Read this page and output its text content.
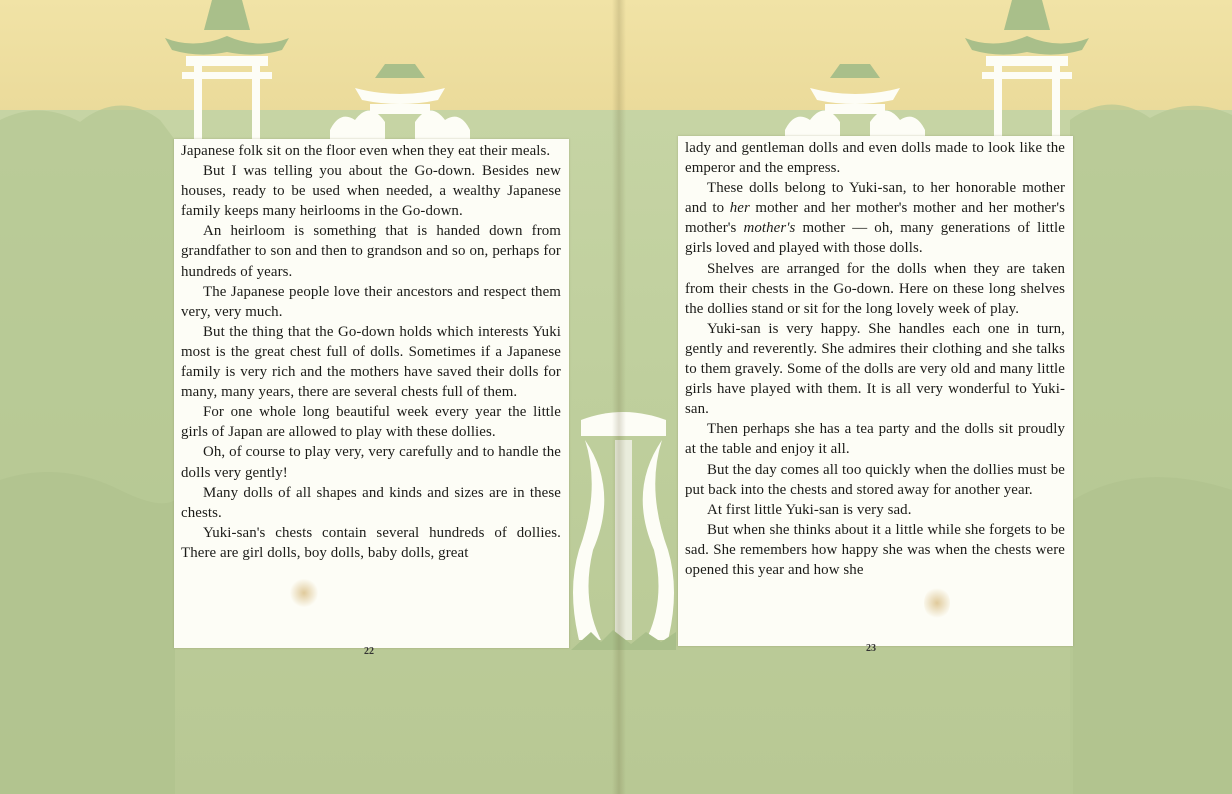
Japanese folk sit on the floor even when they eat their meals.

But I was telling you about the Go-down. Besides new houses, ready to be used when needed, a wealthy Japanese family keeps many heirlooms in the Go-down.

An heirloom is something that is handed down from grandfather to son and then to grandson and so on, perhaps for hundreds of years.

The Japanese people love their ancestors and respect them very, very much.

But the thing that the Go-down holds which interests Yuki most is the great chest full of dolls. Sometimes if a Japanese family is very rich and the mothers have saved their dolls for many, many years, there are several chests full of them.

For one whole long beautiful week every year the little girls of Japan are allowed to play with these dollies.

Oh, of course to play very, very carefully and to handle the dolls very gently!

Many dolls of all shapes and kinds and sizes are in these chests.

Yuki-san's chests contain several hundreds of dollies. There are girl dolls, boy dolls, baby dolls, great

lady and gentleman dolls and even dolls made to look like the emperor and the empress.

These dolls belong to Yuki-san, to her honorable mother and to her mother and her mother's mother and her mother's mother's mother's mother — oh, many generations of little girls loved and played with those dolls.

Shelves are arranged for the dolls when they are taken from their chests in the Go-down. Here on these long shelves the dollies stand or sit for the long lovely week of play.

Yuki-san is very happy. She handles each one in turn, gently and reverently. She admires their clothing and she talks to them gravely. Some of the dolls are very old and many little girls have played with them. It is all very wonderful to Yuki-san.

Then perhaps she has a tea party and the dolls sit proudly at the table and enjoy it all.

But the day comes all too quickly when the dollies must be put back into the chests and stored away for another year.

At first little Yuki-san is very sad.

But when she thinks about it a little while she forgets to be sad. She remembers how happy she was when the chests were opened this year and how she

22	23
